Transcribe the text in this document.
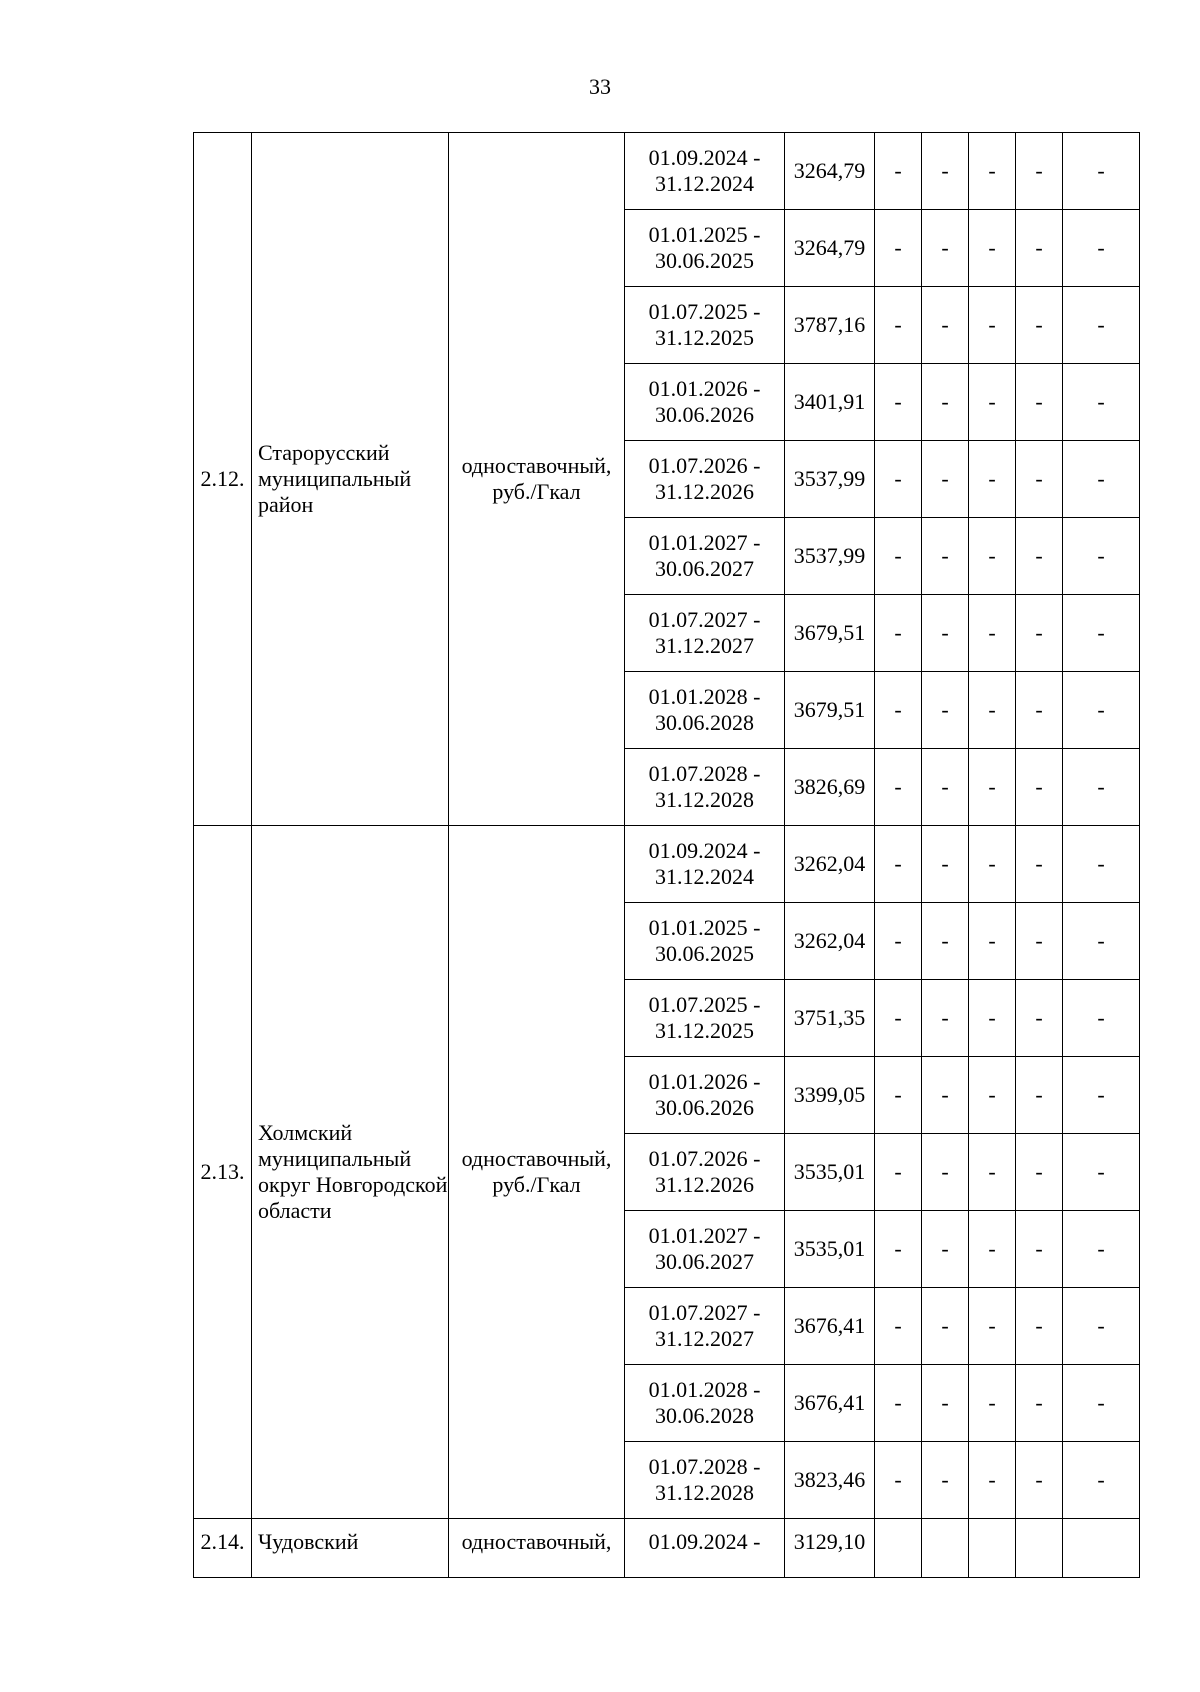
33
2.12.	Старорусский муниципальный район	одноставочный, руб./Гкал	01.09.2024 - 31.12.2024	3264,79	-	-	-	-	-
			01.01.2025 - 30.06.2025	3264,79	-	-	-	-	-
			01.07.2025 - 31.12.2025	3787,16	-	-	-	-	-
			01.01.2026 - 30.06.2026	3401,91	-	-	-	-	-
			01.07.2026 - 31.12.2026	3537,99	-	-	-	-	-
			01.01.2027 - 30.06.2027	3537,99	-	-	-	-	-
			01.07.2027 - 31.12.2027	3679,51	-	-	-	-	-
			01.01.2028 - 30.06.2028	3679,51	-	-	-	-	-
			01.07.2028 - 31.12.2028	3826,69	-	-	-	-	-
2.13.	Холмский муниципальный округ Новгородской области	одноставочный, руб./Гкал	01.09.2024 - 31.12.2024	3262,04	-	-	-	-	-
			01.01.2025 - 30.06.2025	3262,04	-	-	-	-	-
			01.07.2025 - 31.12.2025	3751,35	-	-	-	-	-
			01.01.2026 - 30.06.2026	3399,05	-	-	-	-	-
			01.07.2026 - 31.12.2026	3535,01	-	-	-	-	-
			01.01.2027 - 30.06.2027	3535,01	-	-	-	-	-
			01.07.2027 - 31.12.2027	3676,41	-	-	-	-	-
			01.01.2028 - 30.06.2028	3676,41	-	-	-	-	-
			01.07.2028 - 31.12.2028	3823,46	-	-	-	-	-
2.14.	Чудовский	одноставочный,	01.09.2024 -	3129,10					
